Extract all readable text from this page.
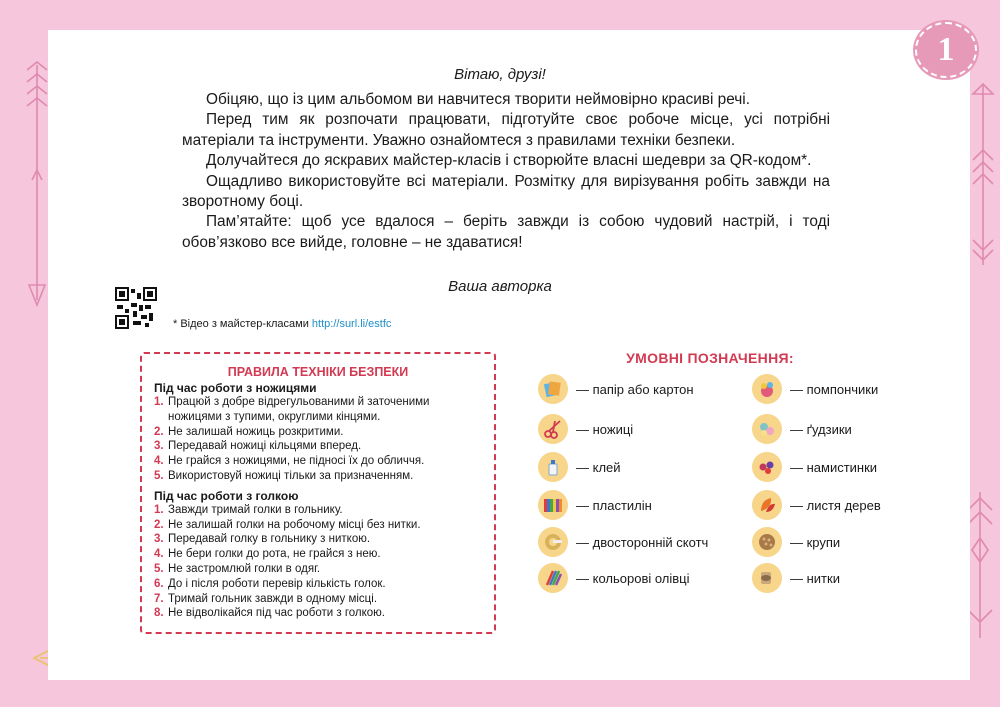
1
Вітаю, друзі!

Обіцяю, що із цим альбомом ви навчитеся творити неймовірно красиві речі.

Перед тим як розпочати працювати, підготуйте своє робоче місце, усі потрібні матеріали та інструменти. Уважно ознайомтеся з правилами техніки безпеки.

Долучайтеся до яскравих майстер-класів і створюйте власні шедеври за QR-кодом*.

Ощадливо використовуйте всі матеріали. Розмітку для вирізування робіть завжди на зворотному боці.

Пам’ятайте: щоб усе вдалося – беріть завжди із собою чудовий настрій, і тоді обов’язково все вийде, головне – не здаватися!

Ваша авторка
* Відео з майстер-класами http://surl.li/estfc
ПРАВИЛА ТЕХНІКИ БЕЗПЕКИ
Під час роботи з ножицями
1. Працюй з добре відрегульованими й заточеними ножицями з тупими, округлими кінцями.
2. Не залишай ножиць розкритими.
3. Передавай ножиці кільцями вперед.
4. Не грайся з ножицями, не підносі їх до обличчя.
5. Використовуй ножиці тільки за призначенням.
Під час роботи з голкою
1. Завжди тримай голки в гольнику.
2. Не залишай голки на робочому місці без нитки.
3. Передавай голку в гольнику з ниткою.
4. Не бери голки до рота, не грайся з нею.
5. Не застромлюй голки в одяг.
6. До і після роботи перевір кількість голок.
7. Тримай гольник завжди в одному місці.
8. Не відволікайся під час роботи з голкою.
УМОВНІ ПОЗНАЧЕННЯ:
— папір або картон
— ножиці
— клей
— пластилін
— двосторонній скотч
— кольорові олівці
— помпончики
— ґудзики
— намистинки
— листя дерев
— крупи
— нитки
